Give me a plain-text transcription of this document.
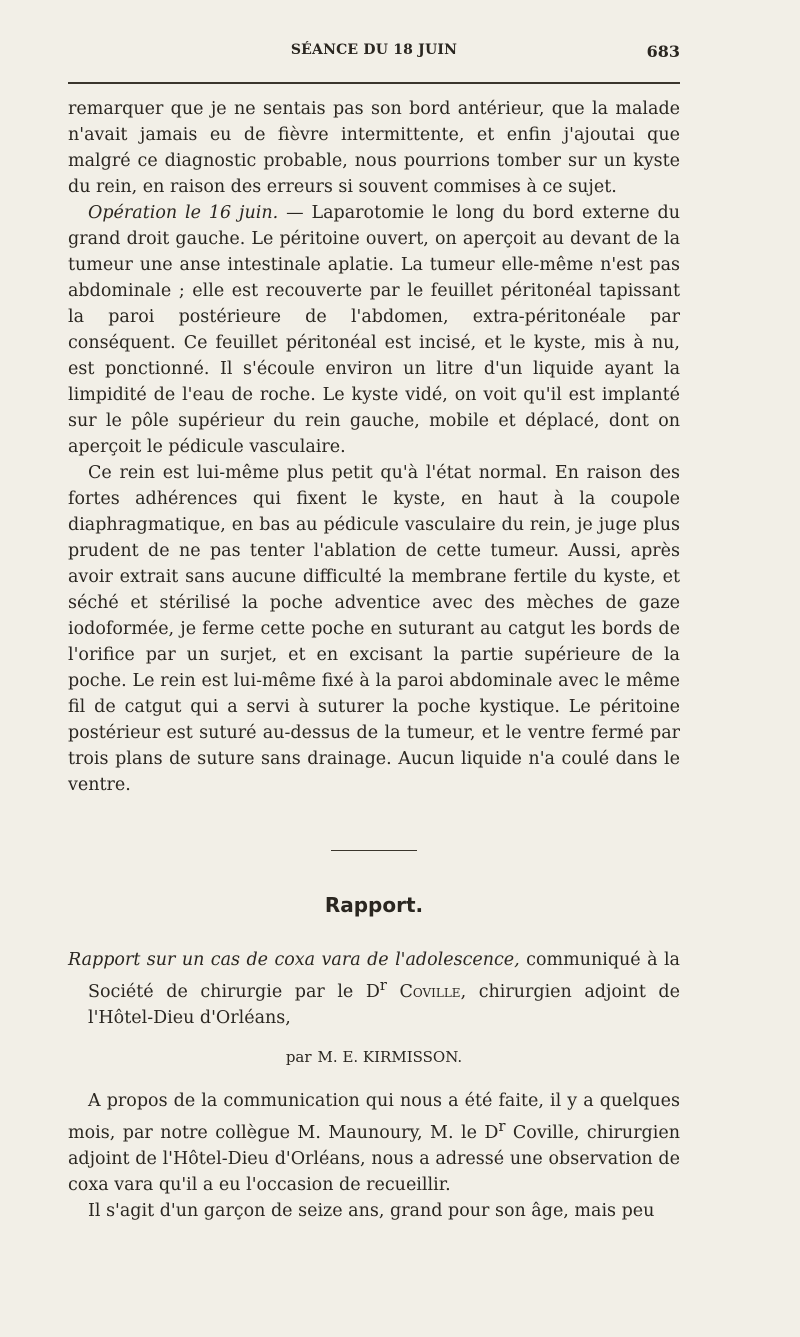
SÉANCE DU 18 JUIN	683

remarquer que je ne sentais pas son bord antérieur, que la malade n'avait jamais eu de fièvre intermittente, et enfin j'ajoutai que malgré ce diagnostic probable, nous pourrions tomber sur un kyste du rein, en raison des erreurs si souvent commises à ce sujet.

Opération le 16 juin. — Laparotomie le long du bord externe du grand droit gauche. Le péritoine ouvert, on aperçoit au devant de la tumeur une anse intestinale aplatie. La tumeur elle-même n'est pas abdominale ; elle est recouverte par le feuillet péritonéal tapissant la paroi postérieure de l'abdomen, extra-péritonéale par conséquent. Ce feuillet péritonéal est incisé, et le kyste, mis à nu, est ponctionné. Il s'écoule environ un litre d'un liquide ayant la limpidité de l'eau de roche. Le kyste vidé, on voit qu'il est implanté sur le pôle supérieur du rein gauche, mobile et déplacé, dont on aperçoit le pédicule vasculaire.

Ce rein est lui-même plus petit qu'à l'état normal. En raison des fortes adhérences qui fixent le kyste, en haut à la coupole diaphragmatique, en bas au pédicule vasculaire du rein, je juge plus prudent de ne pas tenter l'ablation de cette tumeur. Aussi, après avoir extrait sans aucune difficulté la membrane fertile du kyste, et séché et stérilisé la poche adventice avec des mèches de gaze iodoformée, je ferme cette poche en suturant au catgut les bords de l'orifice par un surjet, et en excisant la partie supérieure de la poche. Le rein est lui-même fixé à la paroi abdominale avec le même fil de catgut qui a servi à suturer la poche kystique. Le péritoine postérieur est suturé au-dessus de la tumeur, et le ventre fermé par trois plans de suture sans drainage. Aucun liquide n'a coulé dans le ventre.

Rapport.

Rapport sur un cas de coxa vara de l'adolescence, communiqué à la Société de chirurgie par le $D^r$ Coville, chirurgien adjoint de l'Hôtel-Dieu d'Orléans,

par M. E. KIRMISSON.

A propos de la communication qui nous a été faite, il y a quelques mois, par notre collègue M. Maunoury, M. le $D^r$ Coville, chirurgien adjoint de l'Hôtel-Dieu d'Orléans, nous a adressé une observation de coxa vara qu'il a eu l'occasion de recueillir.

Il s'agit d'un garçon de seize ans, grand pour son âge, mais peu
